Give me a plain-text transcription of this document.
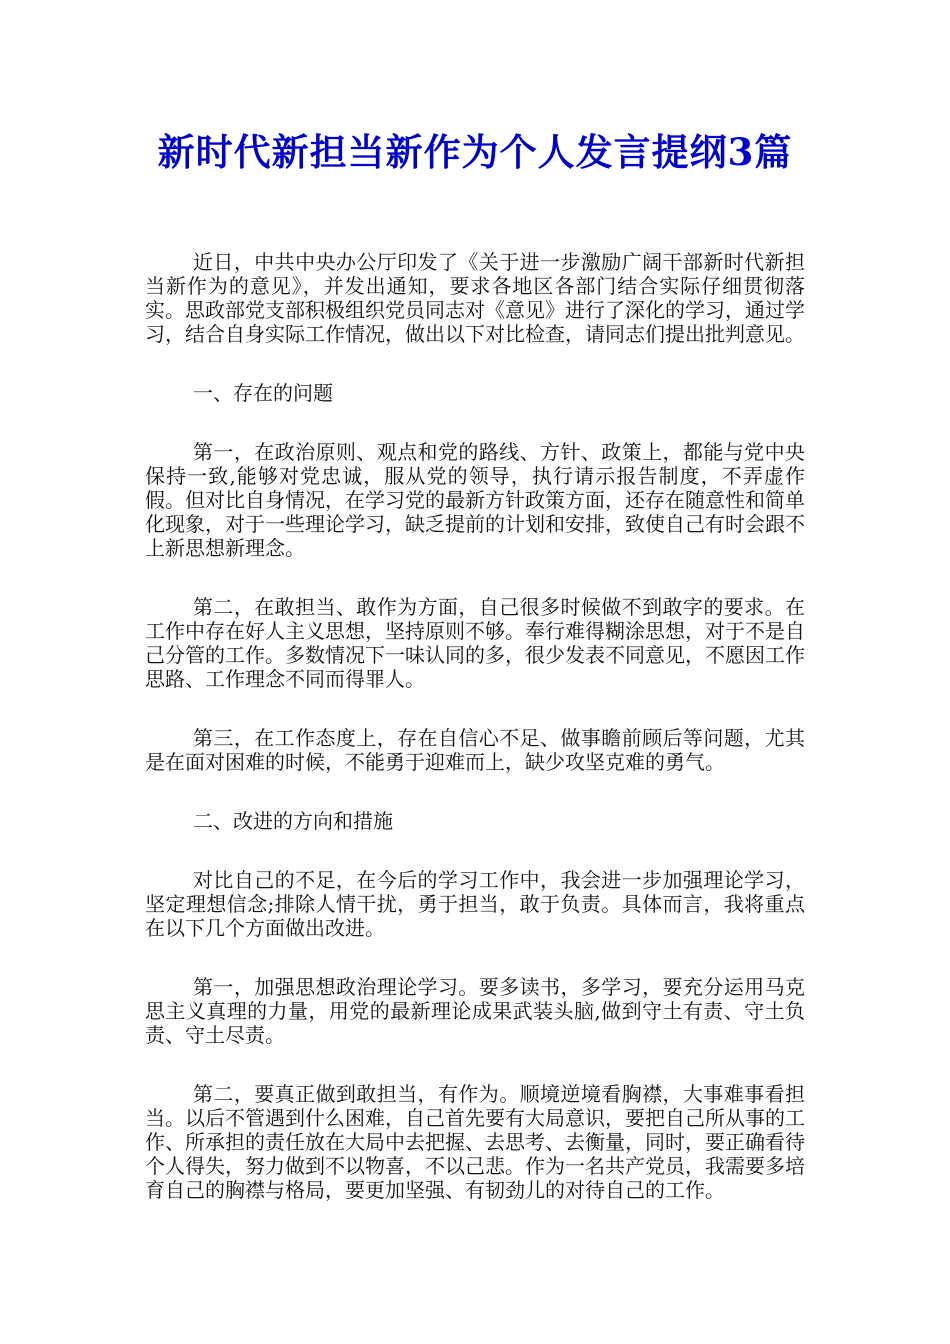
新时代新担当新作为个人发言提纲3篇

近日，中共中央办公厅印发了《关于进一步激励广阔干部新时代新担当新作为的意见》，并发出通知，要求各地区各部门结合实际仔细贯彻落实。思政部党支部积极组织党员同志对《意见》进行了深化的学习，通过学习，结合自身实际工作情况，做出以下对比检查，请同志们提出批判意见。

一、存在的问题

第一，在政治原则、观点和党的路线、方针、政策上，都能与党中央保持一致,能够对党忠诚，服从党的领导，执行请示报告制度，不弄虚作假。但对比自身情况，在学习党的最新方针政策方面，还存在随意性和简单化现象，对于一些理论学习，缺乏提前的计划和安排，致使自己有时会跟不上新思想新理念。

第二，在敢担当、敢作为方面，自己很多时候做不到敢字的要求。在工作中存在好人主义思想，坚持原则不够。奉行难得糊涂思想，对于不是自己分管的工作。多数情况下一味认同的多，很少发表不同意见，不愿因工作思路、工作理念不同而得罪人。

第三，在工作态度上，存在自信心不足、做事瞻前顾后等问题，尤其是在面对困难的时候，不能勇于迎难而上，缺少攻坚克难的勇气。

二、改进的方向和措施

对比自己的不足，在今后的学习工作中，我会进一步加强理论学习，坚定理想信念;排除人情干扰，勇于担当，敢于负责。具体而言，我将重点在以下几个方面做出改进。

第一，加强思想政治理论学习。要多读书，多学习，要充分运用马克思主义真理的力量，用党的最新理论成果武装头脑,做到守土有责、守土负责、守土尽责。

第二，要真正做到敢担当，有作为。顺境逆境看胸襟，大事难事看担当。以后不管遇到什么困难，自己首先要有大局意识，要把自己所从事的工作、所承担的责任放在大局中去把握、去思考、去衡量，同时，要正确看待个人得失，努力做到不以物喜，不以己悲。作为一名共产党员，我需要多培育自己的胸襟与格局，要更加坚强、有韧劲儿的对待自己的工作。
